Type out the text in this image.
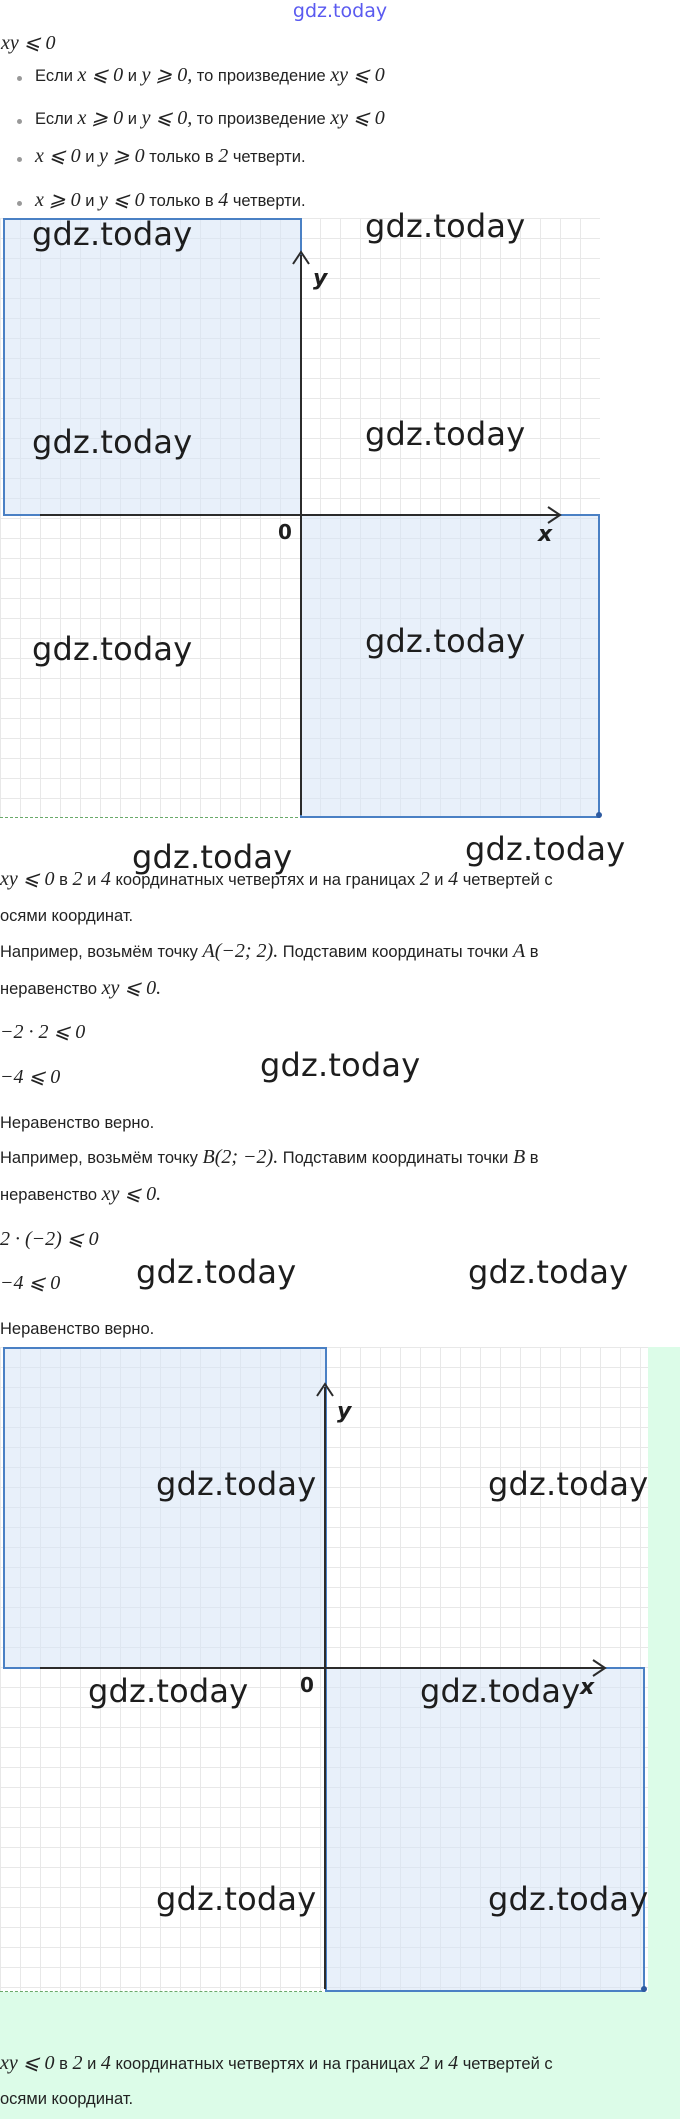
gdz.today
xy ⩽ 0
Если x ⩽ 0 и y ⩾ 0, то произведение xy ⩽ 0
Если x ⩾ 0 и y ⩽ 0, то произведение xy ⩽ 0
x ⩽ 0 и y ⩾ 0 только в 2 четверти.
x ⩾ 0 и y ⩽ 0 только в 4 четверти.
y
x
0
gdz.today	gdz.today
gdz.today	gdz.today
gdz.today	gdz.today
gdz.today	gdz.today
xy ⩽ 0 в 2 и 4 координатных четвертях и на границах 2 и 4 четвертей с
осями координат.
Например, возьмём точку A(−2; 2). Подставим координаты точки A в
неравенство xy ⩽ 0.
−2 · 2 ⩽ 0
−4 ⩽ 0	gdz.today
Неравенство верно.
Например, возьмём точку B(2; −2). Подставим координаты точки B в
неравенство xy ⩽ 0.
2 · (−2) ⩽ 0
−4 ⩽ 0 gdz.today	gdz.today
Неравенство верно.
y
x
0
gdz.today	gdz.today
gdz.today	gdz.today
gdz.today	gdz.today
xy ⩽ 0 в 2 и 4 координатных четвертях и на границах 2 и 4 четвертей с
осями координат.
